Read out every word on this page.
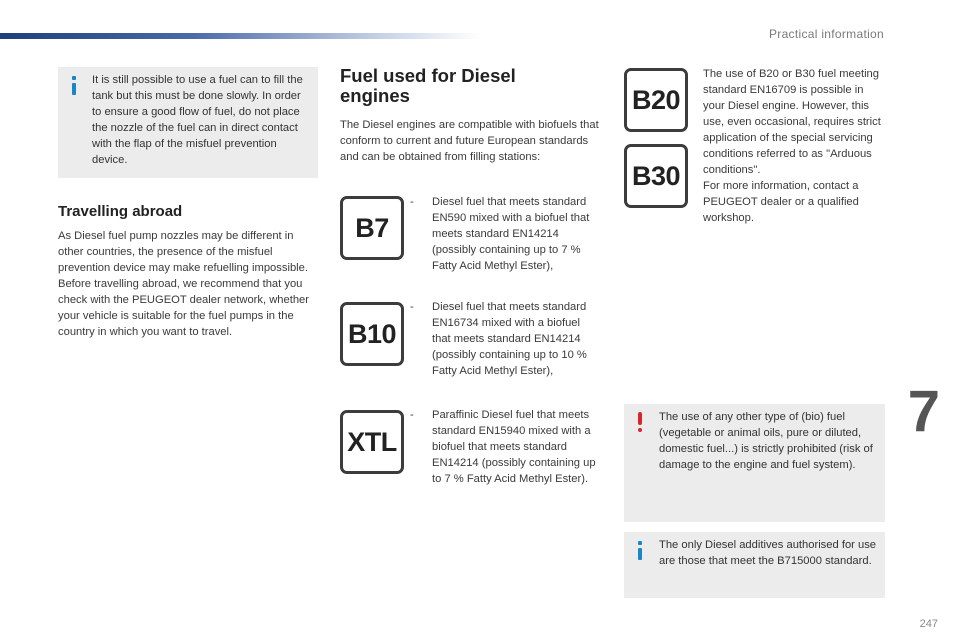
Practical information
7
247

It is still possible to use a fuel can to fill the tank but this must be done slowly. In order to ensure a good flow of fuel, do not place the nozzle of the fuel can in direct contact with the flap of the misfuel prevention device.

Travelling abroad

As Diesel fuel pump nozzles may be different in other countries, the presence of the misfuel prevention device may make refuelling impossible.

Before travelling abroad, we recommend that you check with the PEUGEOT dealer network, whether your vehicle is suitable for the fuel pumps in the country in which you want to travel.

Fuel used for Diesel
engines

The Diesel engines are compatible with biofuels that conform to current and future European standards and can be obtained from filling stations:

B7
-	Diesel fuel that meets standard EN590 mixed with a biofuel that meets standard EN14214 (possibly containing up to 7 % Fatty Acid Methyl Ester),
B10
-	Diesel fuel that meets standard EN16734 mixed with a biofuel that meets standard EN14214 (possibly containing up to 10 % Fatty Acid Methyl Ester),
XTL
-	Paraffinic Diesel fuel that meets standard EN15940 mixed with a biofuel that meets standard EN14214 (possibly containing up to 7 % Fatty Acid Methyl Ester).
B20
B30

The use of B20 or B30 fuel meeting standard EN16709 is possible in your Diesel engine. However, this use, even occasional, requires strict application of the special servicing conditions referred to as "Arduous conditions".

For more information, contact a PEUGEOT dealer or a qualified workshop.

The use of any other type of (bio) fuel (vegetable or animal oils, pure or diluted, domestic fuel...) is strictly prohibited (risk of damage to the engine and fuel system).

The only Diesel additives authorised for use are those that meet the B715000 standard.
